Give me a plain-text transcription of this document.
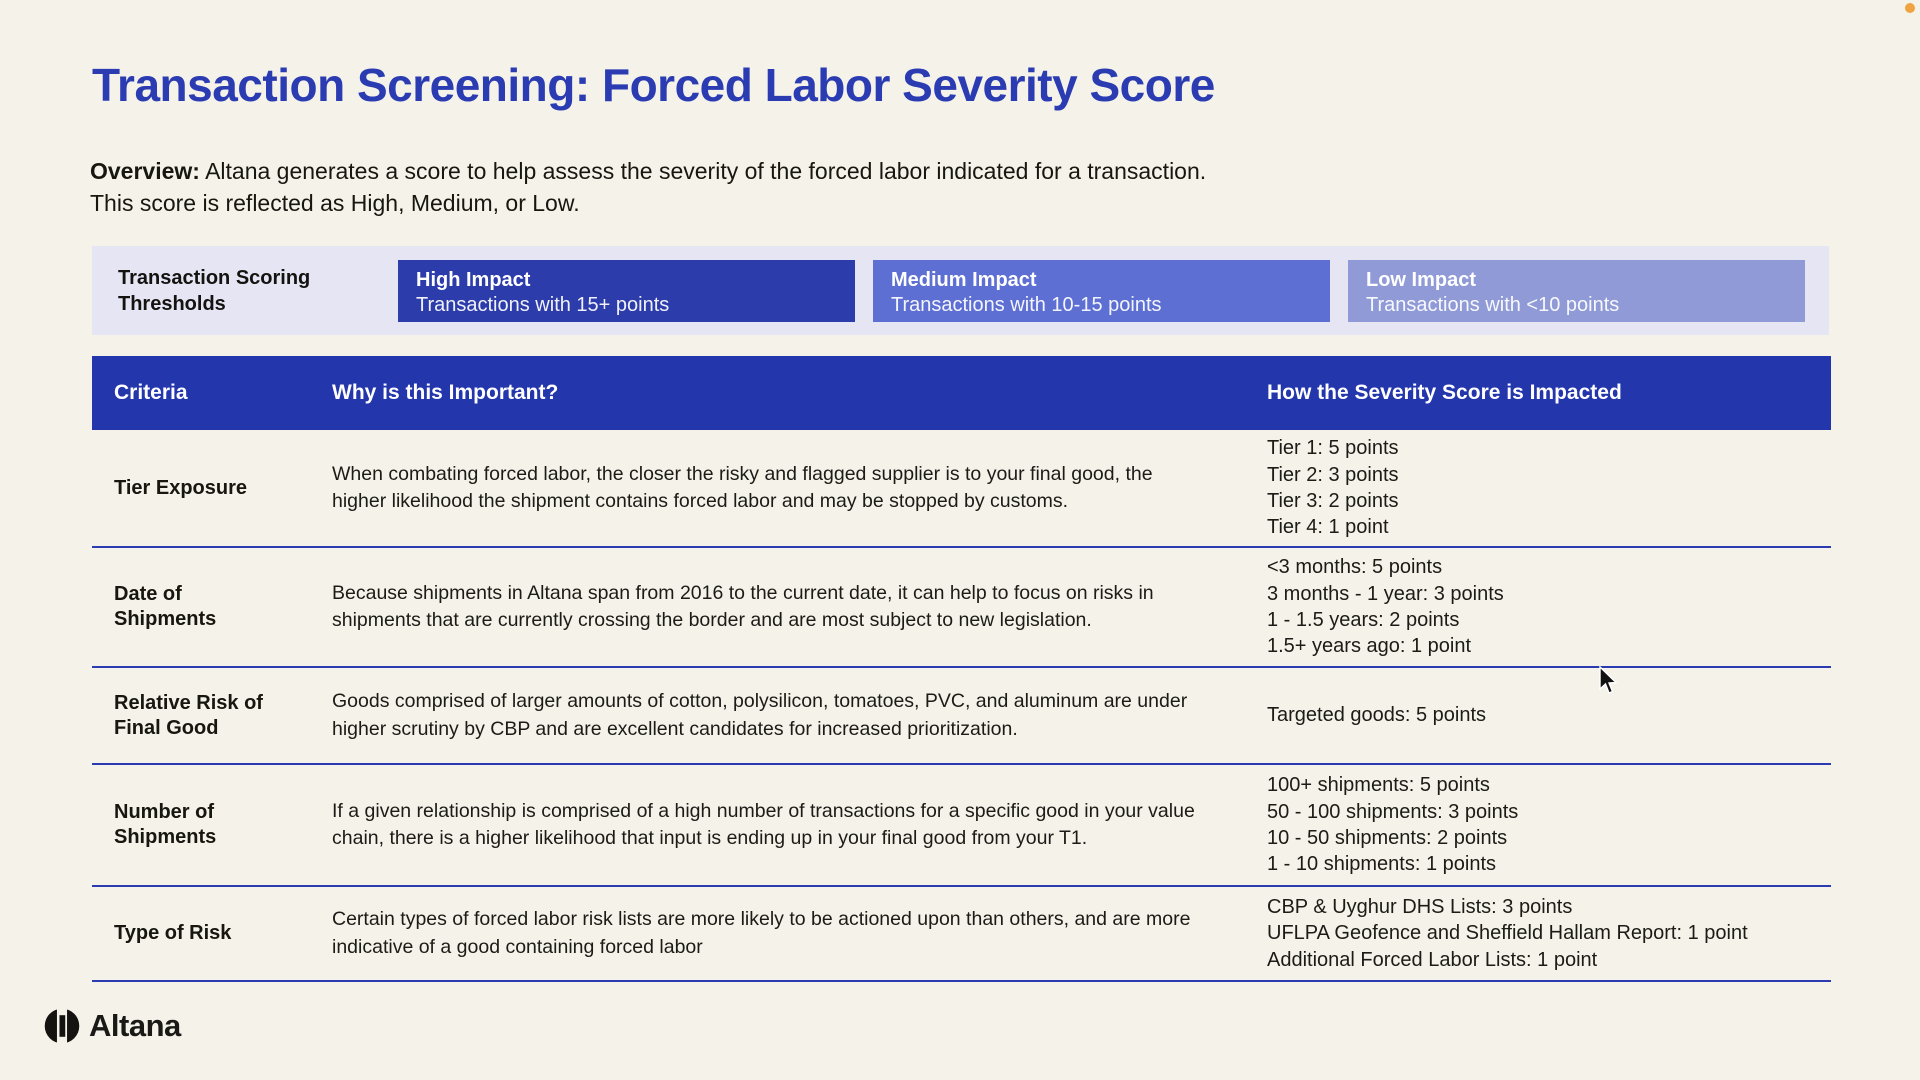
Transaction Screening: Forced Labor Severity Score
Overview: Altana generates a score to help assess the severity of the forced labor indicated for a transaction.
This score is reflected as High, Medium, or Low.
Transaction Scoring
Thresholds
High Impact
Transactions with 15+ points
Medium Impact
Transactions with 10-15 points
Low Impact
Transactions with <10 points
Criteria	Why is this Important?	How the Severity Score is Impacted
Tier Exposure
When combating forced labor, the closer the risky and flagged supplier is to your final good, the higher likelihood the shipment contains forced labor and may be stopped by customs.
Tier 1: 5 points
Tier 2: 3 points
Tier 3: 2 points
Tier 4: 1 point
Date of Shipments
Because shipments in Altana span from 2016 to the current date, it can help to focus on risks in shipments that are currently crossing the border and are most subject to new legislation.
<3 months: 5 points
3 months - 1 year: 3 points
1 - 1.5 years: 2 points
1.5+ years ago: 1 point
Relative Risk of Final Good
Goods comprised of larger amounts of cotton, polysilicon, tomatoes, PVC, and aluminum are under higher scrutiny by CBP and are excellent candidates for increased prioritization.
Targeted goods: 5 points
Number of Shipments
If a given relationship is comprised of a high number of transactions for a specific good in your value chain, there is a higher likelihood that input is ending up in your final good from your T1.
100+ shipments: 5 points
50 - 100 shipments: 3 points
10 - 50 shipments: 2 points
1 - 10 shipments: 1 points
Type of Risk
Certain types of forced labor risk lists are more likely to be actioned upon than others, and are more indicative of a good containing forced labor
CBP & Uyghur DHS Lists: 3 points
UFLPA Geofence and Sheffield Hallam Report: 1 point
Additional Forced Labor Lists: 1 point
Altana
